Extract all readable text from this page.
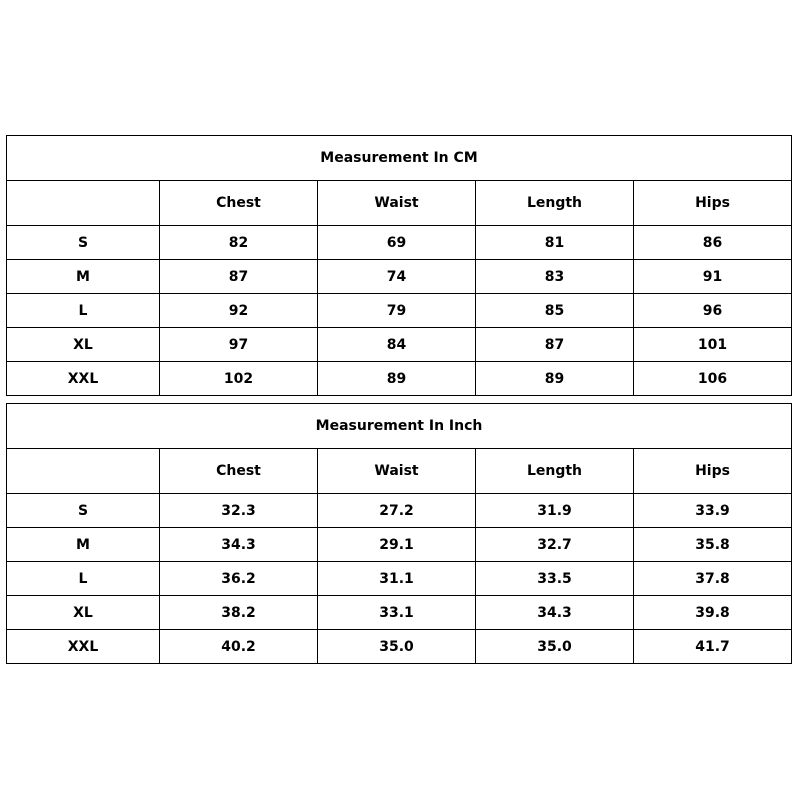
Measurement In CM				
	Chest	Waist	Length	Hips
S	82	69	81	86
M	87	74	83	91
L	92	79	85	96
XL	97	84	87	101
XXL	102	89	89	106
Measurement In Inch				
	Chest	Waist	Length	Hips
S	32.3	27.2	31.9	33.9
M	34.3	29.1	32.7	35.8
L	36.2	31.1	33.5	37.8
XL	38.2	33.1	34.3	39.8
XXL	40.2	35.0	35.0	41.7
